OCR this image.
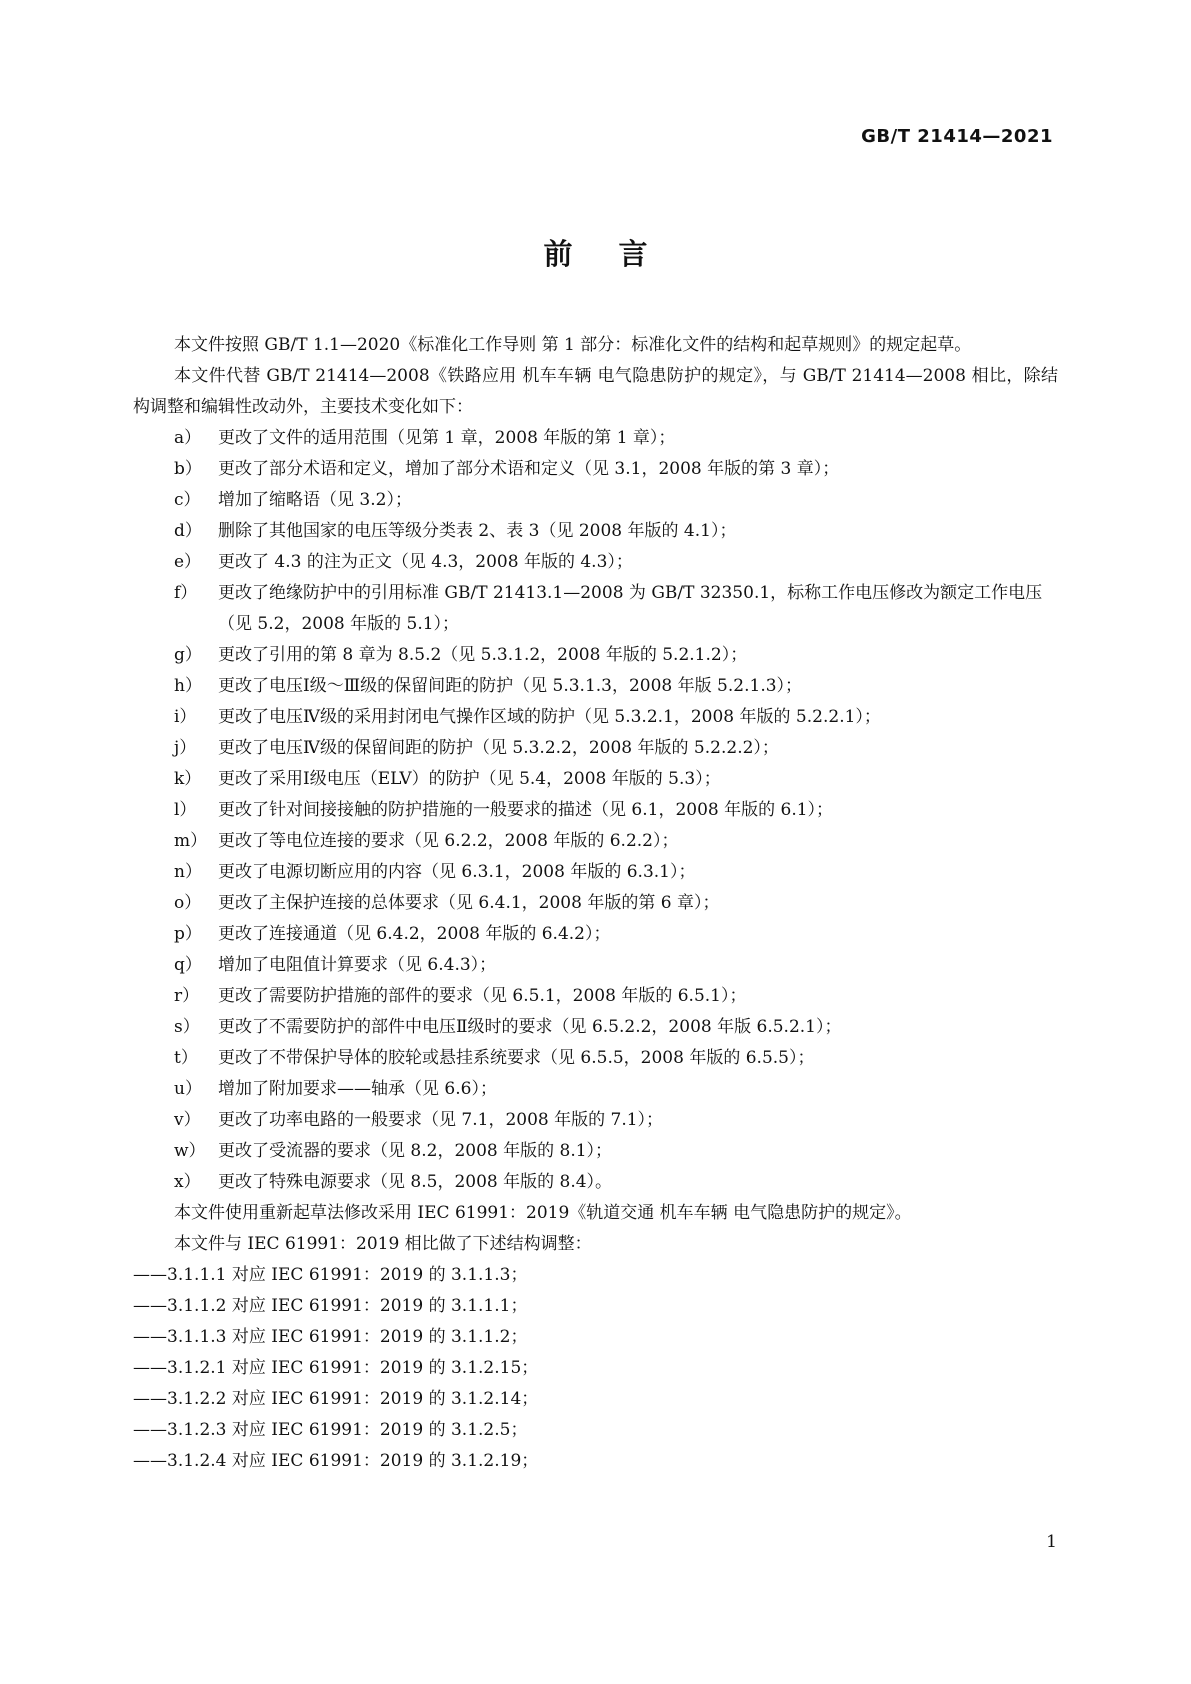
GB/T 21414—2021
前言

本文件按照 GB/T 1.1—2020《标准化工作导则 第 1 部分：标准化文件的结构和起草规则》的规定起草。

本文件代替 GB/T 21414—2008《铁路应用 机车车辆 电气隐患防护的规定》，与 GB/T 21414—2008 相比，除结构调整和编辑性改动外，主要技术变化如下：

a） 更改了文件的适用范围（见第 1 章，2008 年版的第 1 章）；
b） 更改了部分术语和定义，增加了部分术语和定义（见 3.1，2008 年版的第 3 章）；
c）	增加了缩略语（见 3.2）；
d） 删除了其他国家的电压等级分类表 2、表 3（见 2008 年版的 4.1）；
e） 更改了 4.3 的注为正文（见 4.3，2008 年版的 4.3）；
f）	更改了绝缘防护中的引用标准 GB/T 21413.1—2008 为 GB/T 32350.1，标称工作电压修改为额定工作电压（见 5.2，2008 年版的 5.1）；
g） 更改了引用的第 8 章为 8.5.2（见 5.3.1.2，2008 年版的 5.2.1.2）；
h） 更改了电压Ⅰ级～Ⅲ级的保留间距的防护（见 5.3.1.3，2008 年版 5.2.1.3）；
i）	更改了电压Ⅳ级的采用封闭电气操作区域的防护（见 5.3.2.1，2008 年版的 5.2.2.1）；
j）	更改了电压Ⅳ级的保留间距的防护（见 5.3.2.2，2008 年版的 5.2.2.2）；
k） 更改了采用Ⅰ级电压（ELV）的防护（见 5.4，2008 年版的 5.3）；
l）	更改了针对间接接触的防护措施的一般要求的描述（见 6.1，2008 年版的 6.1）；
m） 更改了等电位连接的要求（见 6.2.2，2008 年版的 6.2.2）；
n） 更改了电源切断应用的内容（见 6.3.1，2008 年版的 6.3.1）；
o） 更改了主保护连接的总体要求（见 6.4.1，2008 年版的第 6 章）；
p） 更改了连接通道（见 6.4.2，2008 年版的 6.4.2）；
q） 增加了电阻值计算要求（见 6.4.3）；
r）	更改了需要防护措施的部件的要求（见 6.5.1，2008 年版的 6.5.1）；
s）	更改了不需要防护的部件中电压Ⅱ级时的要求（见 6.5.2.2，2008 年版 6.5.2.1）；
t）	更改了不带保护导体的胶轮或悬挂系统要求（见 6.5.5，2008 年版的 6.5.5）；
u） 增加了附加要求——轴承（见 6.6）；
v）	更改了功率电路的一般要求（见 7.1，2008 年版的 7.1）；
w） 更改了受流器的要求（见 8.2，2008 年版的 8.1）；
x）	更改了特殊电源要求（见 8.5，2008 年版的 8.4）。

本文件使用重新起草法修改采用 IEC 61991：2019《轨道交通 机车车辆 电气隐患防护的规定》。

本文件与 IEC 61991：2019 相比做了下述结构调整：

——3.1.1.1 对应 IEC 61991：2019 的 3.1.1.3；

——3.1.1.2 对应 IEC 61991：2019 的 3.1.1.1；

——3.1.1.3 对应 IEC 61991：2019 的 3.1.1.2；

——3.1.2.1 对应 IEC 61991：2019 的 3.1.2.15；

——3.1.2.2 对应 IEC 61991：2019 的 3.1.2.14；

——3.1.2.3 对应 IEC 61991：2019 的 3.1.2.5；

——3.1.2.4 对应 IEC 61991：2019 的 3.1.2.19；

1
